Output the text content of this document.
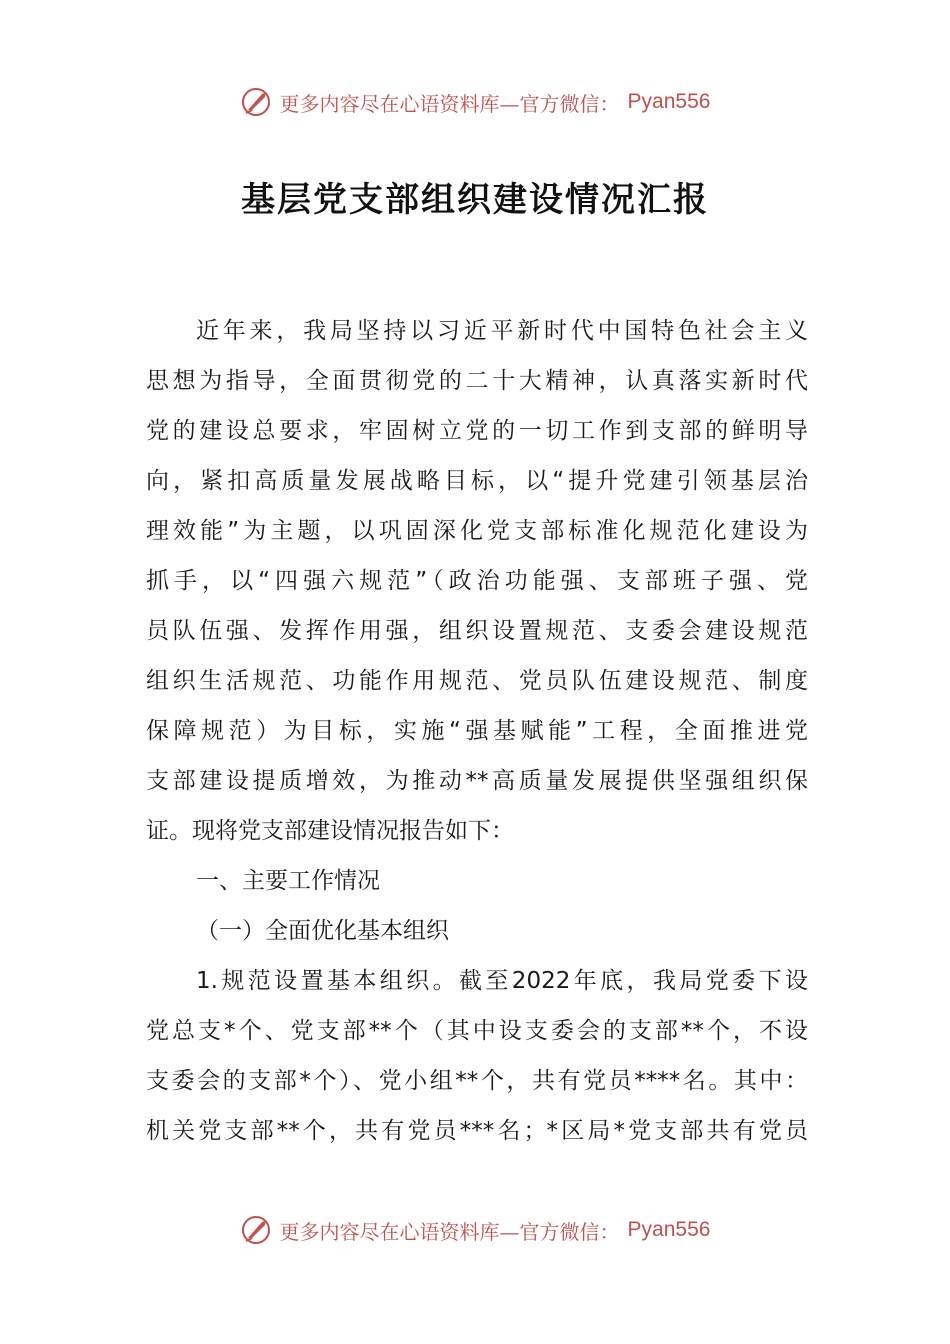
更多内容尽在心语资料库—官方微信： Pyan556
基层党支部组织建设情况汇报
近年来，我局坚持以习近平新时代中国特色社会主义
思想为指导，全面贯彻党的二十大精神，认真落实新时代
党的建设总要求，牢固树立党的一切工作到支部的鲜明导
向，紧扣高质量发展战略目标，以“提升党建引领基层治
理效能”为主题，以巩固深化党支部标准化规范化建设为
抓手，以“四强六规范”（政治功能强、支部班子强、党
员队伍强、发挥作用强，组织设置规范、支委会建设规范
组织生活规范、功能作用规范、党员队伍建设规范、制度
保障规范）为目标，实施“强基赋能”工程，全面推进党
支部建设提质增效，为推动**高质量发展提供坚强组织保
证。现将党支部建设情况报告如下：
一、主要工作情况
（一）全面优化基本组织
1.规范设置基本组织。截至2022年底，我局党委下设
党总支*个、党支部**个（其中设支委会的支部**个，不设
支委会的支部*个）、党小组**个，共有党员****名。其中：
机关党支部**个，共有党员***名；*区局*党支部共有党员
更多内容尽在心语资料库—官方微信： Pyan556
